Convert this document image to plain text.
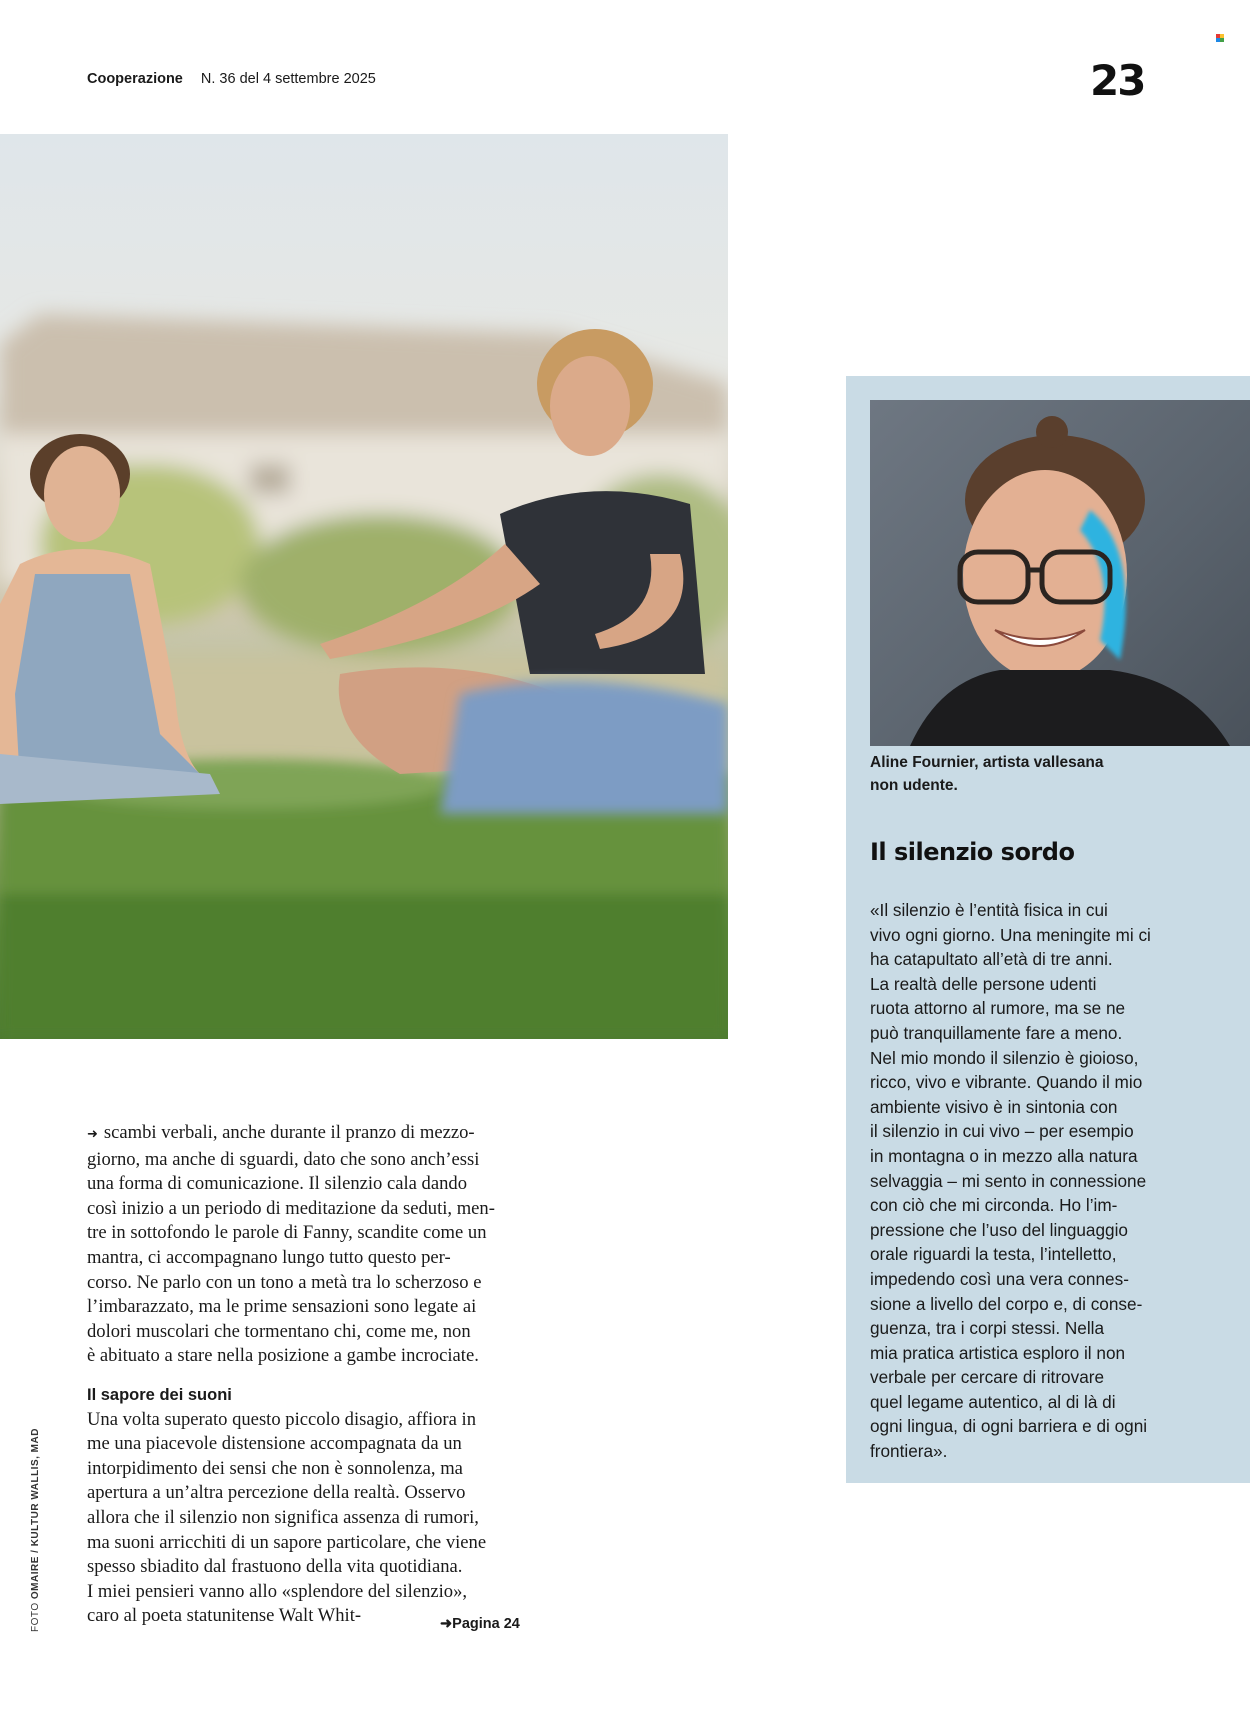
Cooperazione N. 36 del 4 settembre 2025	23
Aline Fournier, artista vallesana
non udente.
Il silenzio sordo
«Il silenzio è l’entità fisica in cui
vivo ogni giorno. Una meningite mi ci
ha catapultato all’età di tre anni.
La realtà delle persone udenti
ruota attorno al rumore, ma se ne
può tranquillamente fare a meno.
Nel mio mondo il silenzio è gioioso,
ricco, vivo e vibrante. Quando il mio
ambiente visivo è in sintonia con
il silenzio in cui vivo – per esempio
in montagna o in mezzo alla natura
selvaggia – mi sento in connessione
con ciò che mi circonda. Ho l’im-
pressione che l’uso del linguaggio
orale riguardi la testa, l’intelletto,
impedendo così una vera connes-
sione a livello del corpo e, di conse-
guenza, tra i corpi stessi. Nella
mia pratica artistica esploro il non
verbale per cercare di ritrovare
quel legame autentico, al di là di
ogni lingua, di ogni barriera e di ogni
frontiera».
➜ scambi verbali, anche durante il pranzo di mezzo-
giorno, ma anche di sguardi, dato che sono anch’essi
una forma di comunicazione. Il silenzio cala dando
così inizio a un periodo di meditazione da seduti, men-
tre in sottofondo le parole di Fanny, scandite come un
mantra, ci accompagnano lungo tutto questo per-
corso. Ne parlo con un tono a metà tra lo scherzoso e
l’imbarazzato, ma le prime sensazioni sono legate ai
dolori muscolari che tormentano chi, come me, non
è abituato a stare nella posizione a gambe incrociate.
Il sapore dei suoni
Una volta superato questo piccolo disagio, affiora in
me una piacevole distensione accompagnata da un
intorpidimento dei sensi che non è sonnolenza, ma
apertura a un’altra percezione della realtà. Osservo
allora che il silenzio non significa assenza di rumori,
ma suoni arricchiti di un sapore particolare, che viene
spesso sbiadito dal frastuono della vita quotidiana.
I miei pensieri vanno allo «splendore del silenzio»,
caro al poeta statunitense Walt Whit-	➜Pagina 24
FOTO OMAIRE / KULTUR WALLIS, MAD
